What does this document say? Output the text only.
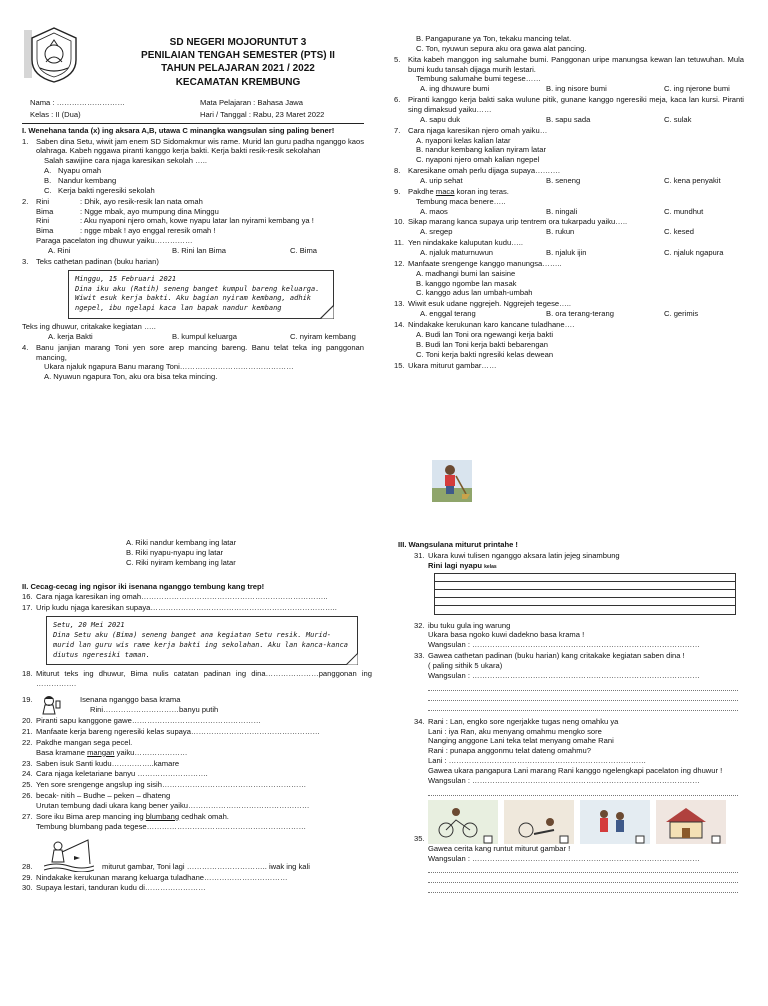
SD NEGERI MOJORUNTUT 3
PENILAIAN TENGAH SEMESTER (PTS) II
TAHUN PELAJARAN 2021 / 2022
KECAMATAN KREMBUNG
Nama : ………………………	Mata Pelajaran : Bahasa Jawa
Kelas : II (Dua)	Hari / Tanggal : Rabu, 23 Maret 2022
I. Wenehana tanda (x) ing aksara A,B, utawa C minangka wangsulan sing paling bener!
1.	Saben dina Setu, wiwit jam enem SD Sidomakmur wis rame. Murid lan guru padha nganggo kaos olahraga. Kabeh nggawa piranti kanggo kerja bakti. Kerja bakti resik-resik sekolahan
Salah sawijine cara njaga karesikan sekolah …..
A. Nyapu omah
B. Nandur kembang
C. Kerja bakti ngeresiki sekolah
2.	Rini	: Dhik, ayo resik-resik lan nata omah
Bima	: Ngge mbak, ayo mumpung dina Minggu
Rini	: Aku nyaponi njero omah, kowe nyapu latar lan nyirami kembang ya !
Bima	: ngge mbak ! ayo enggal reresik omah !
Paraga pacelaton ing dhuwur yaiku……………
A. Rini	B. Rini lan Bima	C. Bima
3.	Teks cathetan padinan (buku harian)
Minggu, 15 Februari 2021
Dina iku aku (Ratih) seneng banget kumpul bareng keluarga. Wiwit esuk kerja bakti. Aku bagian nyiram kembang, adhik ngepel, ibu ngelapi kaca lan bapak nandur kembang
Teks ing dhuwur, critakake kegiatan …..
A. kerja Bakti	B. kumpul keluarga	C. nyiram kembang
4.	Banu janjian marang Toni yen sore arep mancing bareng. Banu telat teka ing panggonan mancing,
Ukara njaluk ngapura Banu marang Toni………………………………………
A. Nyuwun ngapura Ton, aku ora bisa teka mincing.
B. Pangapurane ya Ton, tekaku mancing telat.
C. Ton, nyuwun sepura aku ora gawa alat pancing.
5.	Kita kabeh manggon ing salumahe bumi. Panggonan uripe manungsa kewan lan tetuwuhan. Mula bumi kudu tansah dijaga murih lestari.
Tembung salumahe bumi tegese……
A. ing dhuwure bumi	B. ing nisore bumi	C. ing njerone bumi
6.	Piranti kanggo kerja bakti saka wulune pitik, gunane kanggo ngeresiki meja, kaca lan kursi. Piranti sing dimaksud yaiku……
A. sapu duk	B. sapu sada	C. sulak
7.	Cara njaga karesikan njero omah yaiku…
A. nyaponi kelas kalian latar
B. nandur kembang kalian nyiram latar
C. nyaponi njero omah kalian ngepel
8.	Karesikane omah perlu dijaga supaya……….
A. urip sehat	B. seneng	C. kena penyakit
9.	Pakdhe maca koran ing teras.
Tembung maca benere…..
A. maos	B. ningali	C. mundhut
10. Sikap marang kanca supaya urip tentrem ora tukarpadu yaiku…..
A. sregep	B. rukun	C. kesed
11. Yen nindakake kaluputan kudu…..
A. njaluk maturnuwun	B. njaluk ijin	C. njaluk ngapura
12. Manfaate srengenge kanggo manungsa……..
A. madhangi bumi lan saisine
B. kanggo ngombe lan masak
C. kanggo adus lan umbah-umbah
13. Wiwit esuk udane nggrejeh. Nggrejeh tegese…..
A. enggal terang	B. ora terang-terang	C. gerimis
14. Nindakake kerukunan karo kancane tuladhane….
A. Budi lan Toni ora ngewangi kerja bakti
B. Budi lan Toni kerja bakti bebarengan
C. Toni kerja bakti ngresiki kelas dewean
15. Ukara miturut gambar……
A. Riki nandur kembang ing latar
B. Riki nyapu-nyapu ing latar
C. Riki nyiram kembang ing latar
II. Cecag-cecag ing ngisor iki isenana nganggo tembung kang trep!
16. Cara njaga karesikan ing omah………………………………………………………………..
17. Urip kudu njaga karesikan supaya………………………………………………………………..
Setu, 20 Mei 2021
Dina Setu aku (Bima) seneng banget ana kegiatan Setu resik. Murid-murid lan guru wis rame kerja bakti ing sekolahan. Aku lan kanca-kanca diutus ngeresiki taman.
18. Miturut teks ing dhuwur, Bima nulis catatan padinan ing dina…………………panggonan ing …………….
19.	Isenana nganggo basa krama
Rini…………………………banyu putih
20. Piranti sapu kanggone gawe……………………………………………
21. Manfaate kerja bareng ngeresiki kelas supaya……………………………………………
22. Pakdhe mangan sega pecel.
Basa kramane mangan yaiku…………………
23. Saben isuk Santi kudu……………..kamare
24. Cara njaga keletariane banyu ……………………….
25. Yen sore srengenge angslup ing sisih…………………………………………………
26. becak- nitih – Budhe – peken – dhateng
Urutan tembung dadi ukara kang bener yaiku…………………………………………
27. Sore iku Bima arep mancing ing blumbang cedhak omah.
Tembung blumbang pada tegese………………………………………………………
28.	miturut gambar, Toni lagi ………………………….. iwak ing kali
29. Nindakake kerukunan marang keluarga tuladhane……………………………
30. Supaya lestari, tanduran kudu di……………………
III. Wangsulana miturut printahe !
31. Ukara kuwi tulisen nganggo aksara latin jejeg sinambung
Rini lagi nyapu kelas
32. ibu tuku gula ing warung
Ukara basa ngoko kuwi dadekno basa krama !
Wangsulan : ………………………………………………………………………………
33. Gawea cathetan padinan (buku harian) kang critakake kegiatan saben dina !
( paling sithik 5 ukara)
Wangsulan : ………………………………………………………………………………
34. Rani : Lan, engko sore ngerjakke tugas neng omahku ya
Lani : iya Ran, aku menyang omahmu mengko sore
Nanging anggone Lani teka telat menyang omahe Rani
Rani : punapa anggonmu telat dateng omahmu?
Lani : ……………………………………………………………………
Gawea ukara pangapura Lani marang Rani kanggo ngelengkapi pacelaton ing dhuwur !
Wangsulan : ………………………………………………………………………………
35.
Gawea cerita kang runtut miturut gambar !
Wangsulan : ………………………………………………………………………………
